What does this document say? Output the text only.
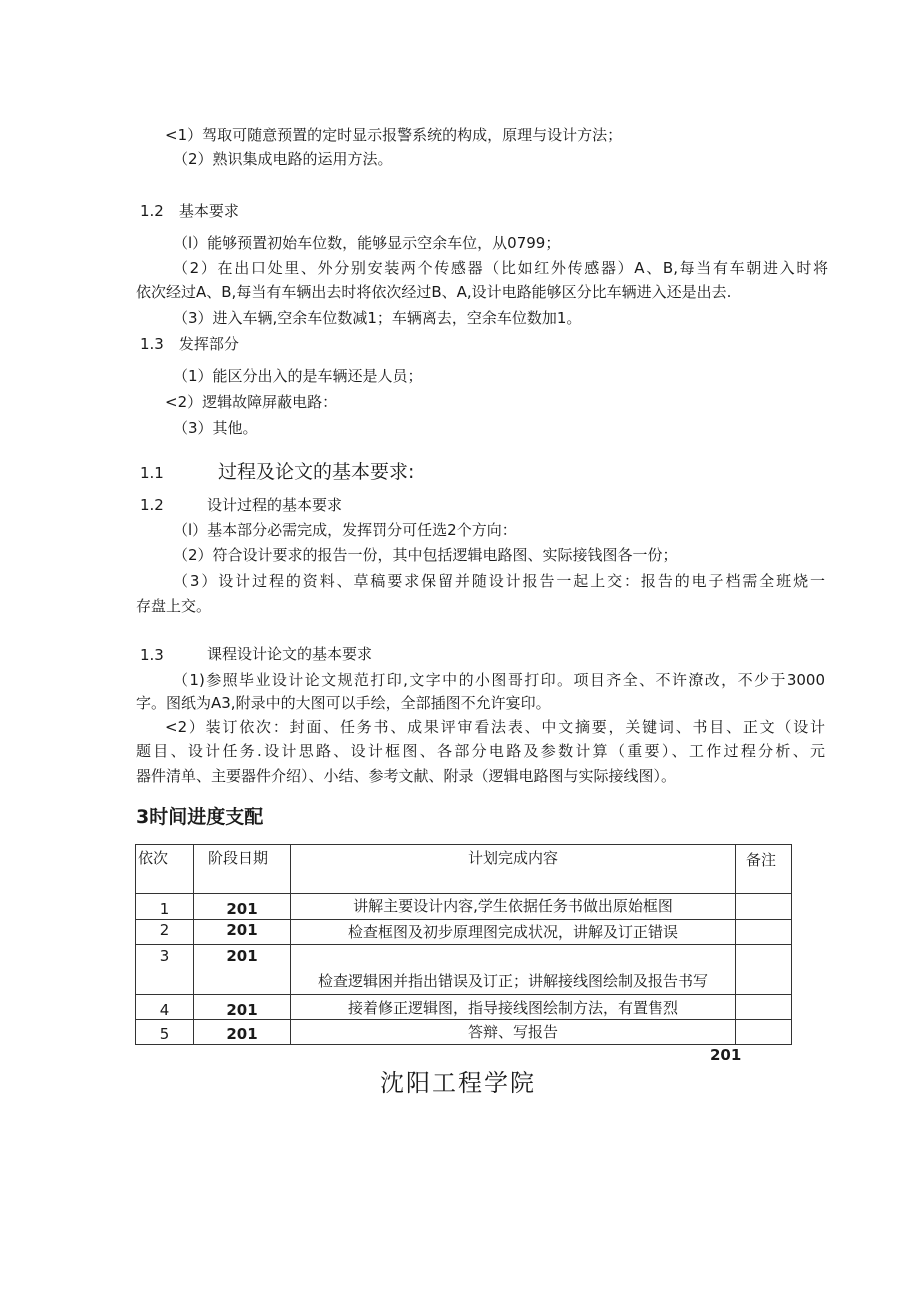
<1）驾取可随意预置的定时显示报警系统的构成，原理与设计方法；
（2）熟识集成电路的运用方法。
1.2　基本要求
（l）能够预置初始车位数，能够显示空余车位，从0799；
（2）在出口处里、外分别安装两个传感器（比如红外传感器）A、B,每当有车朝进入时将
依次经过A、B,每当有车辆出去时将依次经过B、A,设计电路能够区分比车辆进入还是出去.
（3）进入车辆,空余车位数减1；车辆离去，空余车位数加1。
1.3　发挥部分
（1）能区分出入的是车辆还是人员；
<2）逻辑故障屏蔽电路：
（3）其他。
1.1	过程及论文的基本要求:
1.2	设计过程的基本要求
（l）基本部分必需完成，发挥罚分可任选2个方向：
（2）符合设计要求的报告一份，其中包括逻辑电路图、实际接钱图各一份；
（3）设计过程的资料、草稿要求保留并随设计报告一起上交：报告的电子档需全班烧一
存盘上交。
1.3	课程设计论文的基本要求
（1)参照毕业设计论文规范打印,文字中的小图哥打印。项目齐全、不许潦改，不少于3000
字。图纸为A3,附录中的大图可以手绘，全部插图不允许宴印。
<2）装订依次：封面、任务书、成果评审看法表、中文摘要，关键词、书目、正文（设计
题目、设计任务.设计思路、设计框图、各部分电路及参数计算（重要）、工作过程分析、元
器件清单、主要器件介绍）、小结、参考文献、附录（逻辑电路图与实际接线图）。
3时间进度支配
依次	阶段日期	计划完成内容	备注

1	201	讲解主要设计内容,学生依据任务书做出原始框图	

2	201	检查框图及初步原理图完成状况，讲解及订正错误	

3	201	检查逻辑困并指出错误及订正；讲解接线图绘制及报告书写	

4	201	接着修正逻辑图，指导接线图绘制方法，有置售烈	

5	201	答辩、写报告	

201
沈阳工程学院
